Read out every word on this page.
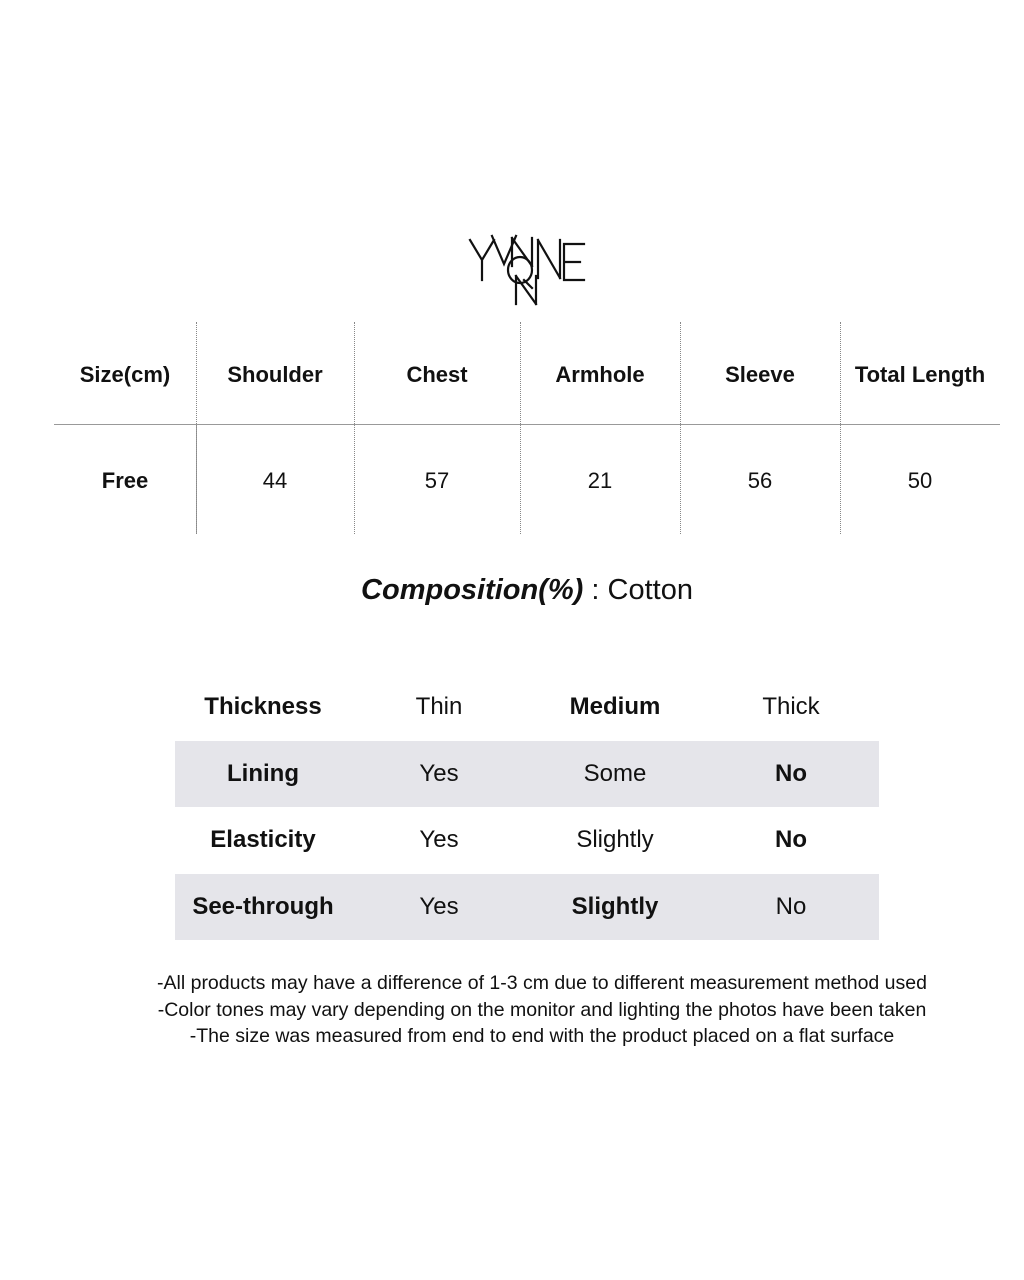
Size(cm)	Shoulder	Chest	Armhole	Sleeve	Total Length
Free	44	57	21	56	50
Composition(%) : Cotton
Thickness	Thin	Medium	Thick
Lining	Yes	Some	No
Elasticity	Yes	Slightly	No
See-through	Yes	Slightly	No
-All products may have a difference of 1-3 cm due to different measurement method used
-Color tones may vary depending on the monitor and lighting the photos have been taken
-The size was measured from end to end with the product placed on a flat surface
